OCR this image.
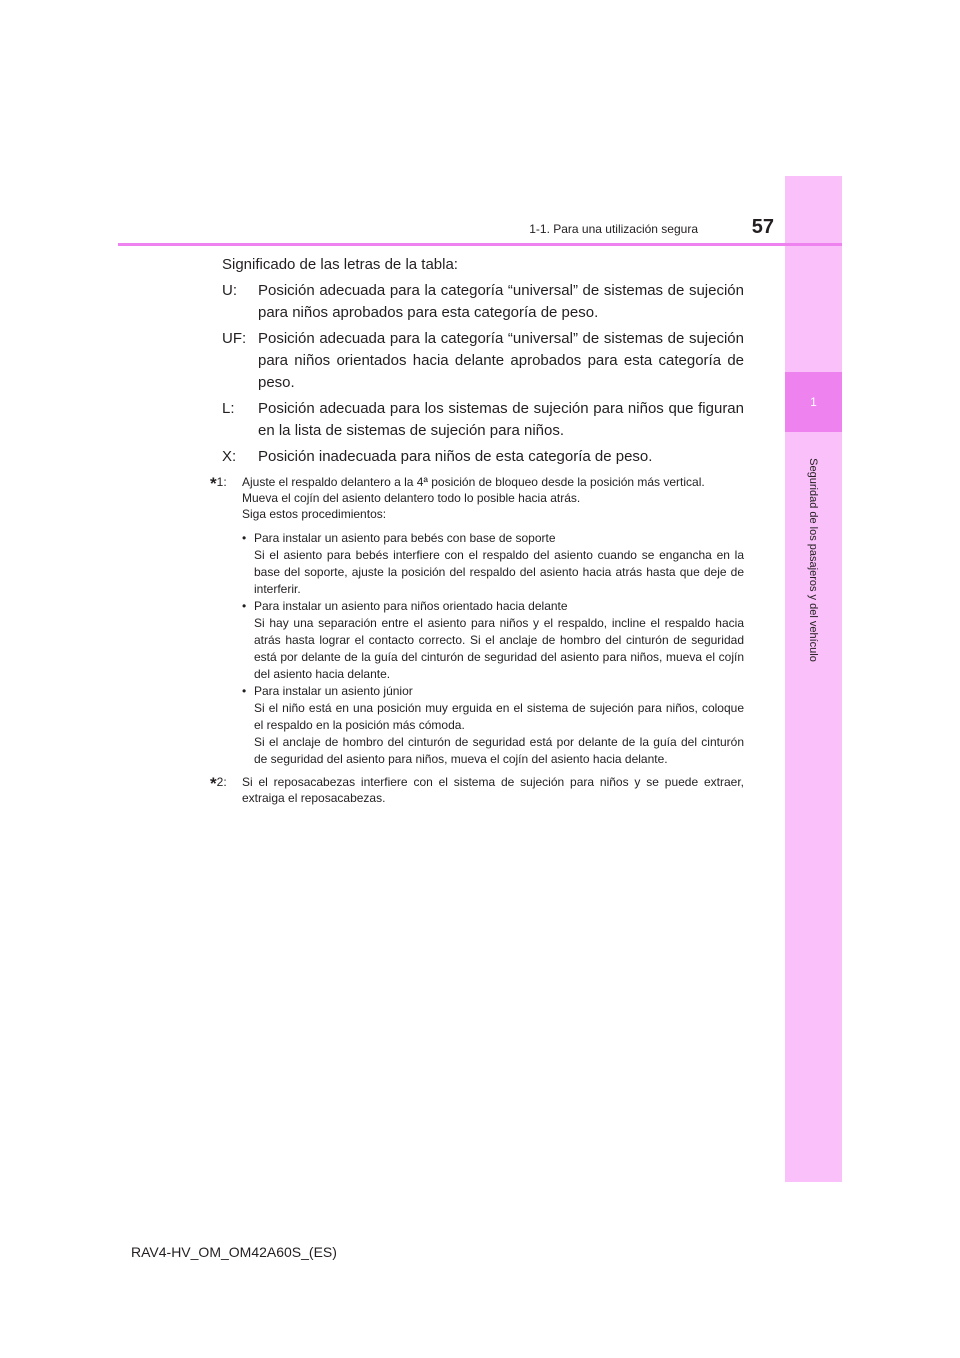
1
Seguridad de los pasajeros y del vehículo
1-1. Para una utilización segura	57

Significado de las letras de la tabla:

U:	Posición adecuada para la categoría “universal” de sistemas de sujeción para niños aprobados para esta categoría de peso.
UF: Posición adecuada para la categoría “universal” de sistemas de sujeción para niños orientados hacia delante aprobados para esta categoría de peso.
L:	Posición adecuada para los sistemas de sujeción para niños que figuran en la lista de sistemas de sujeción para niños.
X:	Posición inadecuada para niños de esta categoría de peso.
*1:	Ajuste el respaldo delantero a la 4ª posición de bloqueo desde la posición más vertical.

Mueva el cojín del asiento delantero todo lo posible hacia atrás.

Siga estos procedimientos:

• Para instalar un asiento para bebés con base de soporte

Si el asiento para bebés interfiere con el respaldo del asiento cuando se engancha en la base del soporte, ajuste la posición del respaldo del asiento hacia atrás hasta que deje de interferir.

• Para instalar un asiento para niños orientado hacia delante

Si hay una separación entre el asiento para niños y el respaldo, incline el respaldo hacia atrás hasta lograr el contacto correcto. Si el anclaje de hombro del cinturón de seguridad está por delante de la guía del cinturón de seguridad del asiento para niños, mueva el cojín del asiento hacia delante.

• Para instalar un asiento júnior

Si el niño está en una posición muy erguida en el sistema de sujeción para niños, coloque el respaldo en la posición más cómoda.

Si el anclaje de hombro del cinturón de seguridad está por delante de la guía del cinturón de seguridad del asiento para niños, mueva el cojín del asiento hacia delante.

*2:	Si el reposacabezas interfiere con el sistema de sujeción para niños y se puede extraer, extraiga el reposacabezas.

RAV4-HV_OM_OM42A60S_(ES)
